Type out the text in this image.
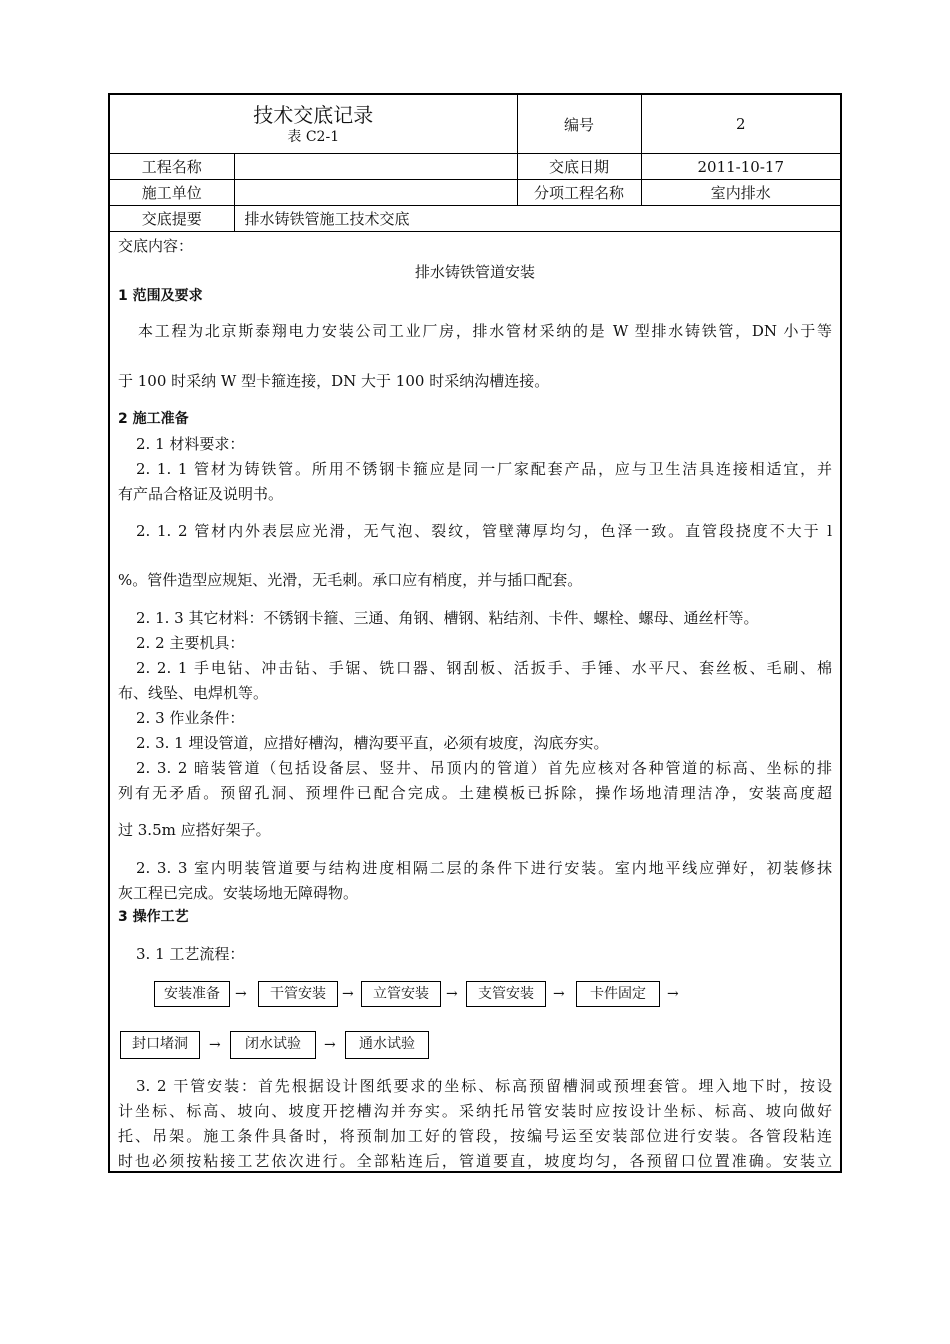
技术交底记录
表 C2-1		编号	2
工程名称		交底日期	2011-10-17
施工单位		分项工程名称	室内排水
交底提要	排水铸铁管施工技术交底		
交底内容：
排水铸铁管道安装
1 范围及要求
本工程为北京斯泰翔电力安装公司工业厂房，排水管材采纳的是 W 型排水铸铁管，DN 小于等
于 100 时采纳 W 型卡箍连接，DN 大于 100 时采纳沟槽连接。
2 施工准备
2. 1 材料要求：
2. 1. 1 管材为铸铁管。所用不锈钢卡箍应是同一厂家配套产品，应与卫生洁具连接相适宜，并
有产品合格证及说明书。
2. 1. 2 管材内外表层应光滑，无气泡、裂纹，管壁薄厚均匀，色泽一致。直管段挠度不大于 l
%。管件造型应规矩、光滑，无毛刺。承口应有梢度，并与插口配套。
2. 1. 3 其它材料：不锈钢卡箍、三通、角钢、槽钢、粘结剂、卡件、螺栓、螺母、通丝杆等。
2. 2 主要机具：
2. 2. 1 手电钻、冲击钻、手锯、铣口器、钢刮板、活扳手、手锤、水平尺、套丝板、毛刷、棉
布、线坠、电焊机等。
2. 3 作业条件：
2. 3. 1 埋设管道，应措好槽沟，槽沟要平直，必须有坡度，沟底夯实。
2. 3. 2 暗装管道（包括设备层、竖井、吊顶内的管道）首先应核对各种管道的标高、坐标的排
列有无矛盾。预留孔洞、预埋件已配合完成。土建模板已拆除，操作场地清理洁净，安装高度超
过 3.5m 应搭好架子。
2. 3. 3 室内明装管道要与结构进度相隔二层的条件下进行安装。室内地平线应弹好，初装修抹
灰工程已完成。安装场地无障碍物。
3 操作工艺
3. 1 工艺流程：
安装准备	→	干管安装	→	立管安装	→	支管安装	→	卡件固定	→
封口堵洞	→	闭水试验	→	通水试验
3. 2 干管安装：首先根据设计图纸要求的坐标、标高预留槽洞或预埋套管。埋入地下时，按设
计坐标、标高、坡向、坡度开挖槽沟并夯实。采纳托吊管安装时应按设计坐标、标高、坡向做好
托、吊架。施工条件具备时，将预制加工好的管段，按编号运至安装部位进行安装。各管段粘连
时也必须按粘接工艺依次进行。全部粘连后，管道要直，坡度均匀，各预留口位置准确。安装立
